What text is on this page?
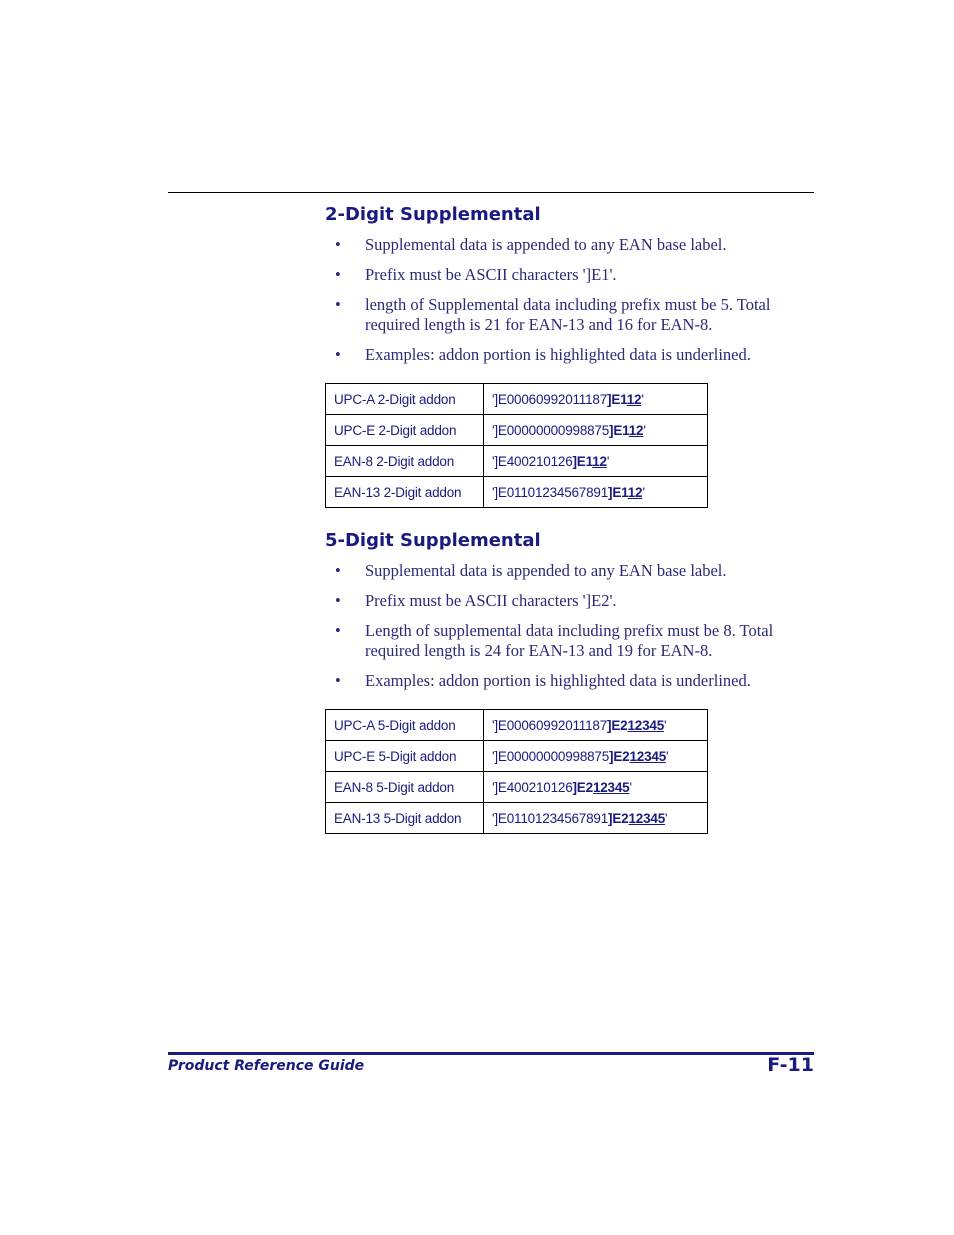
2-Digit Supplemental
• Supplemental data is appended to any EAN base label.
• Prefix must be ASCII characters ']E1'.
• length of Supplemental data including prefix must be 5. Total required length is 21 for EAN-13 and 16 for EAN-8.
• Examples: addon portion is highlighted data is underlined.
UPC-A 2-Digit addon	']E00060992011187]E112'
UPC-E 2-Digit addon	']E00000000998875]E112'
EAN-8 2-Digit addon	']E400210126]E112'
EAN-13 2-Digit addon	']E01101234567891]E112'
5-Digit Supplemental
• Supplemental data is appended to any EAN base label.
• Prefix must be ASCII characters ']E2'.
• Length of supplemental data including prefix must be 8. Total required length is 24 for EAN-13 and 19 for EAN-8.
• Examples: addon portion is highlighted data is underlined.
UPC-A 5-Digit addon	']E00060992011187]E212345'
UPC-E 5-Digit addon	']E00000000998875]E212345'
EAN-8 5-Digit addon	']E400210126]E212345'
EAN-13 5-Digit addon	']E01101234567891]E212345'
Product Reference Guide	F-11
